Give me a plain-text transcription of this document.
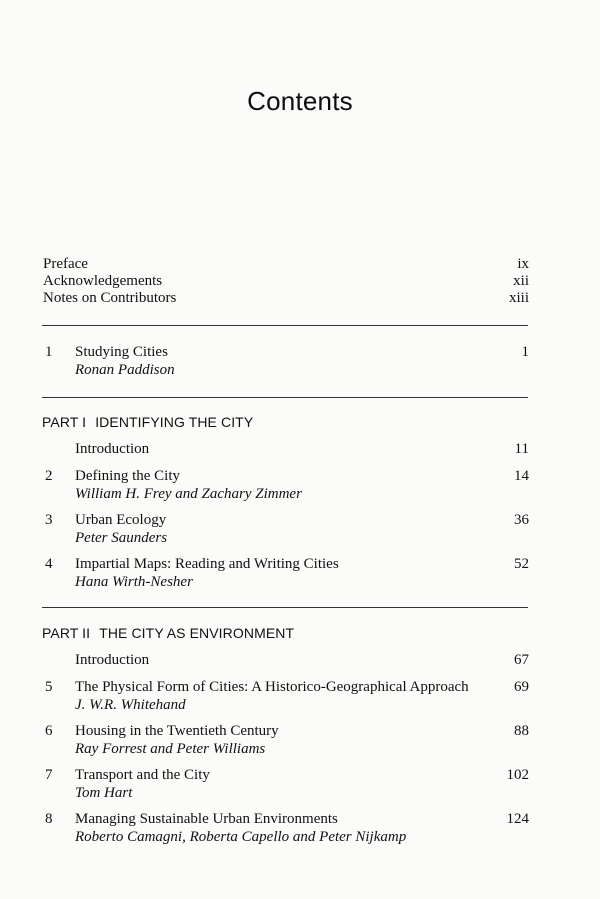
Contents
Preface	ix
Acknowledgements	xii
Notes on Contributors	xiii
1	Studying Cities	1
Ronan Paddison
PART I IDENTIFYING THE CITY
Introduction	11
2	Defining the City	14
William H. Frey and Zachary Zimmer
3	Urban Ecology	36
Peter Saunders
4	Impartial Maps: Reading and Writing Cities	52
Hana Wirth-Nesher
PART II THE CITY AS ENVIRONMENT
Introduction	67
5	The Physical Form of Cities: A Historico-Geographical Approach	69
J. W.R. Whitehand
6	Housing in the Twentieth Century	88
Ray Forrest and Peter Williams
7	Transport and the City	102
Tom Hart
8	Managing Sustainable Urban Environments	124
Roberto Camagni, Roberta Capello and Peter Nijkamp
